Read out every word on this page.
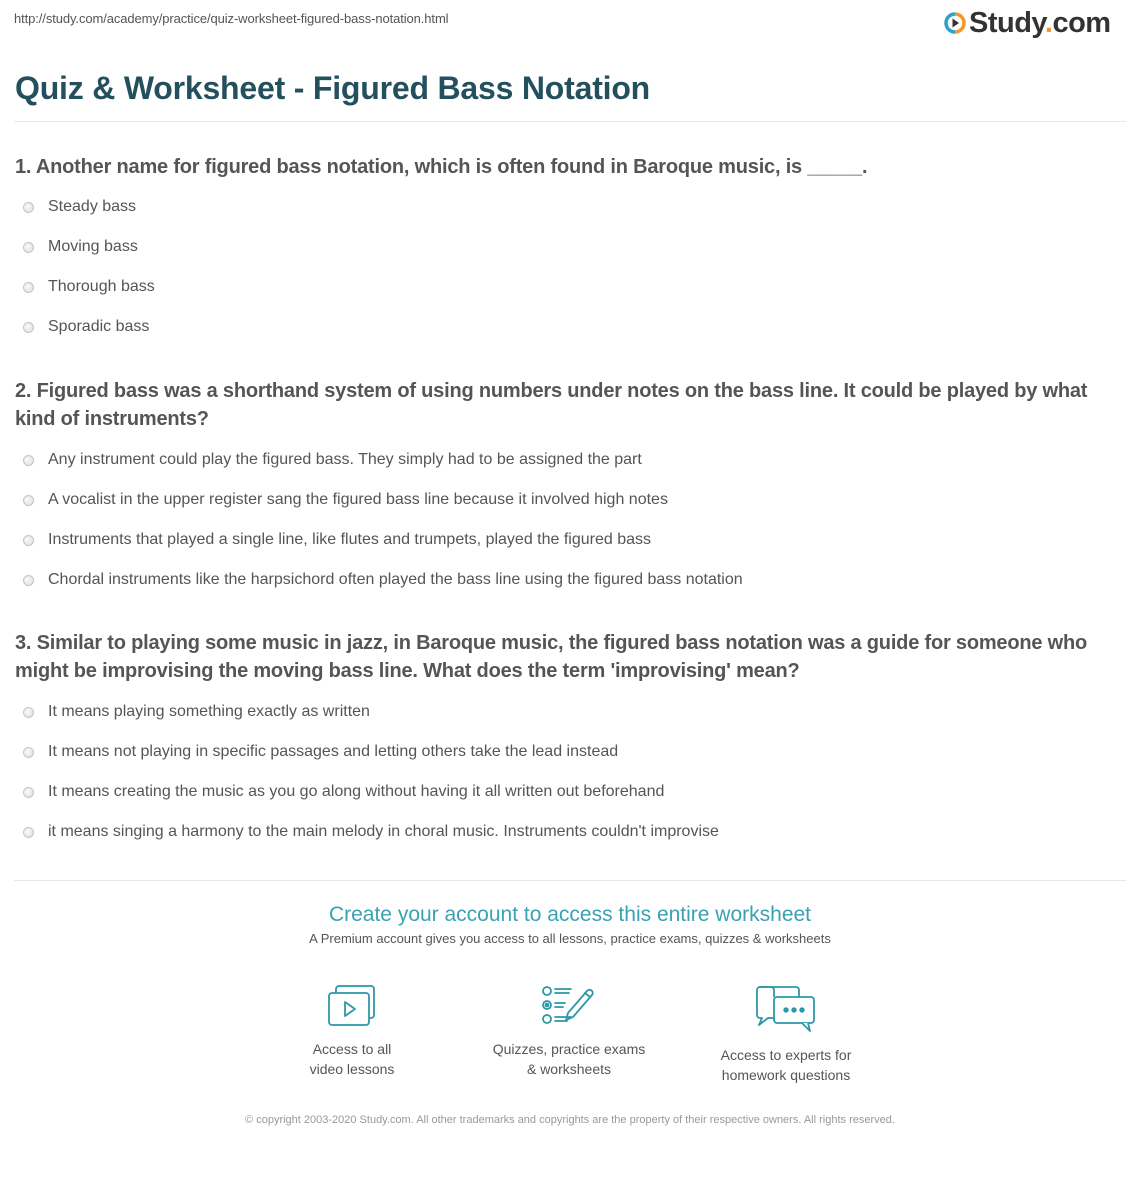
http://study.com/academy/practice/quiz-worksheet-figured-bass-notation.html	Study.com
Quiz & Worksheet - Figured Bass Notation

1. Another name for figured bass notation, which is often found in Baroque music, is _____.

Steady bass
Moving bass
Thorough bass
Sporadic bass

2. Figured bass was a shorthand system of using numbers under notes on the bass line. It could be played by what kind of instruments?

Any instrument could play the figured bass. They simply had to be assigned the part
A vocalist in the upper register sang the figured bass line because it involved high notes
Instruments that played a single line, like flutes and trumpets, played the figured bass
Chordal instruments like the harpsichord often played the bass line using the figured bass notation

3. Similar to playing some music in jazz, in Baroque music, the figured bass notation was a guide for someone who might be improvising the moving bass line. What does the term 'improvising' mean?

It means playing something exactly as written
It means not playing in specific passages and letting others take the lead instead
It means creating the music as you go along without having it all written out beforehand
it means singing a harmony to the main melody in choral music. Instruments couldn't improvise

Create your account to access this entire worksheet

A Premium account gives you access to all lessons, practice exams, quizzes & worksheets
Access to all
video lessons
Quizzes, practice exams
& worksheets
Access to experts for
homework questions
© copyright 2003-2020 Study.com. All other trademarks and copyrights are the property of their respective owners. All rights reserved.
